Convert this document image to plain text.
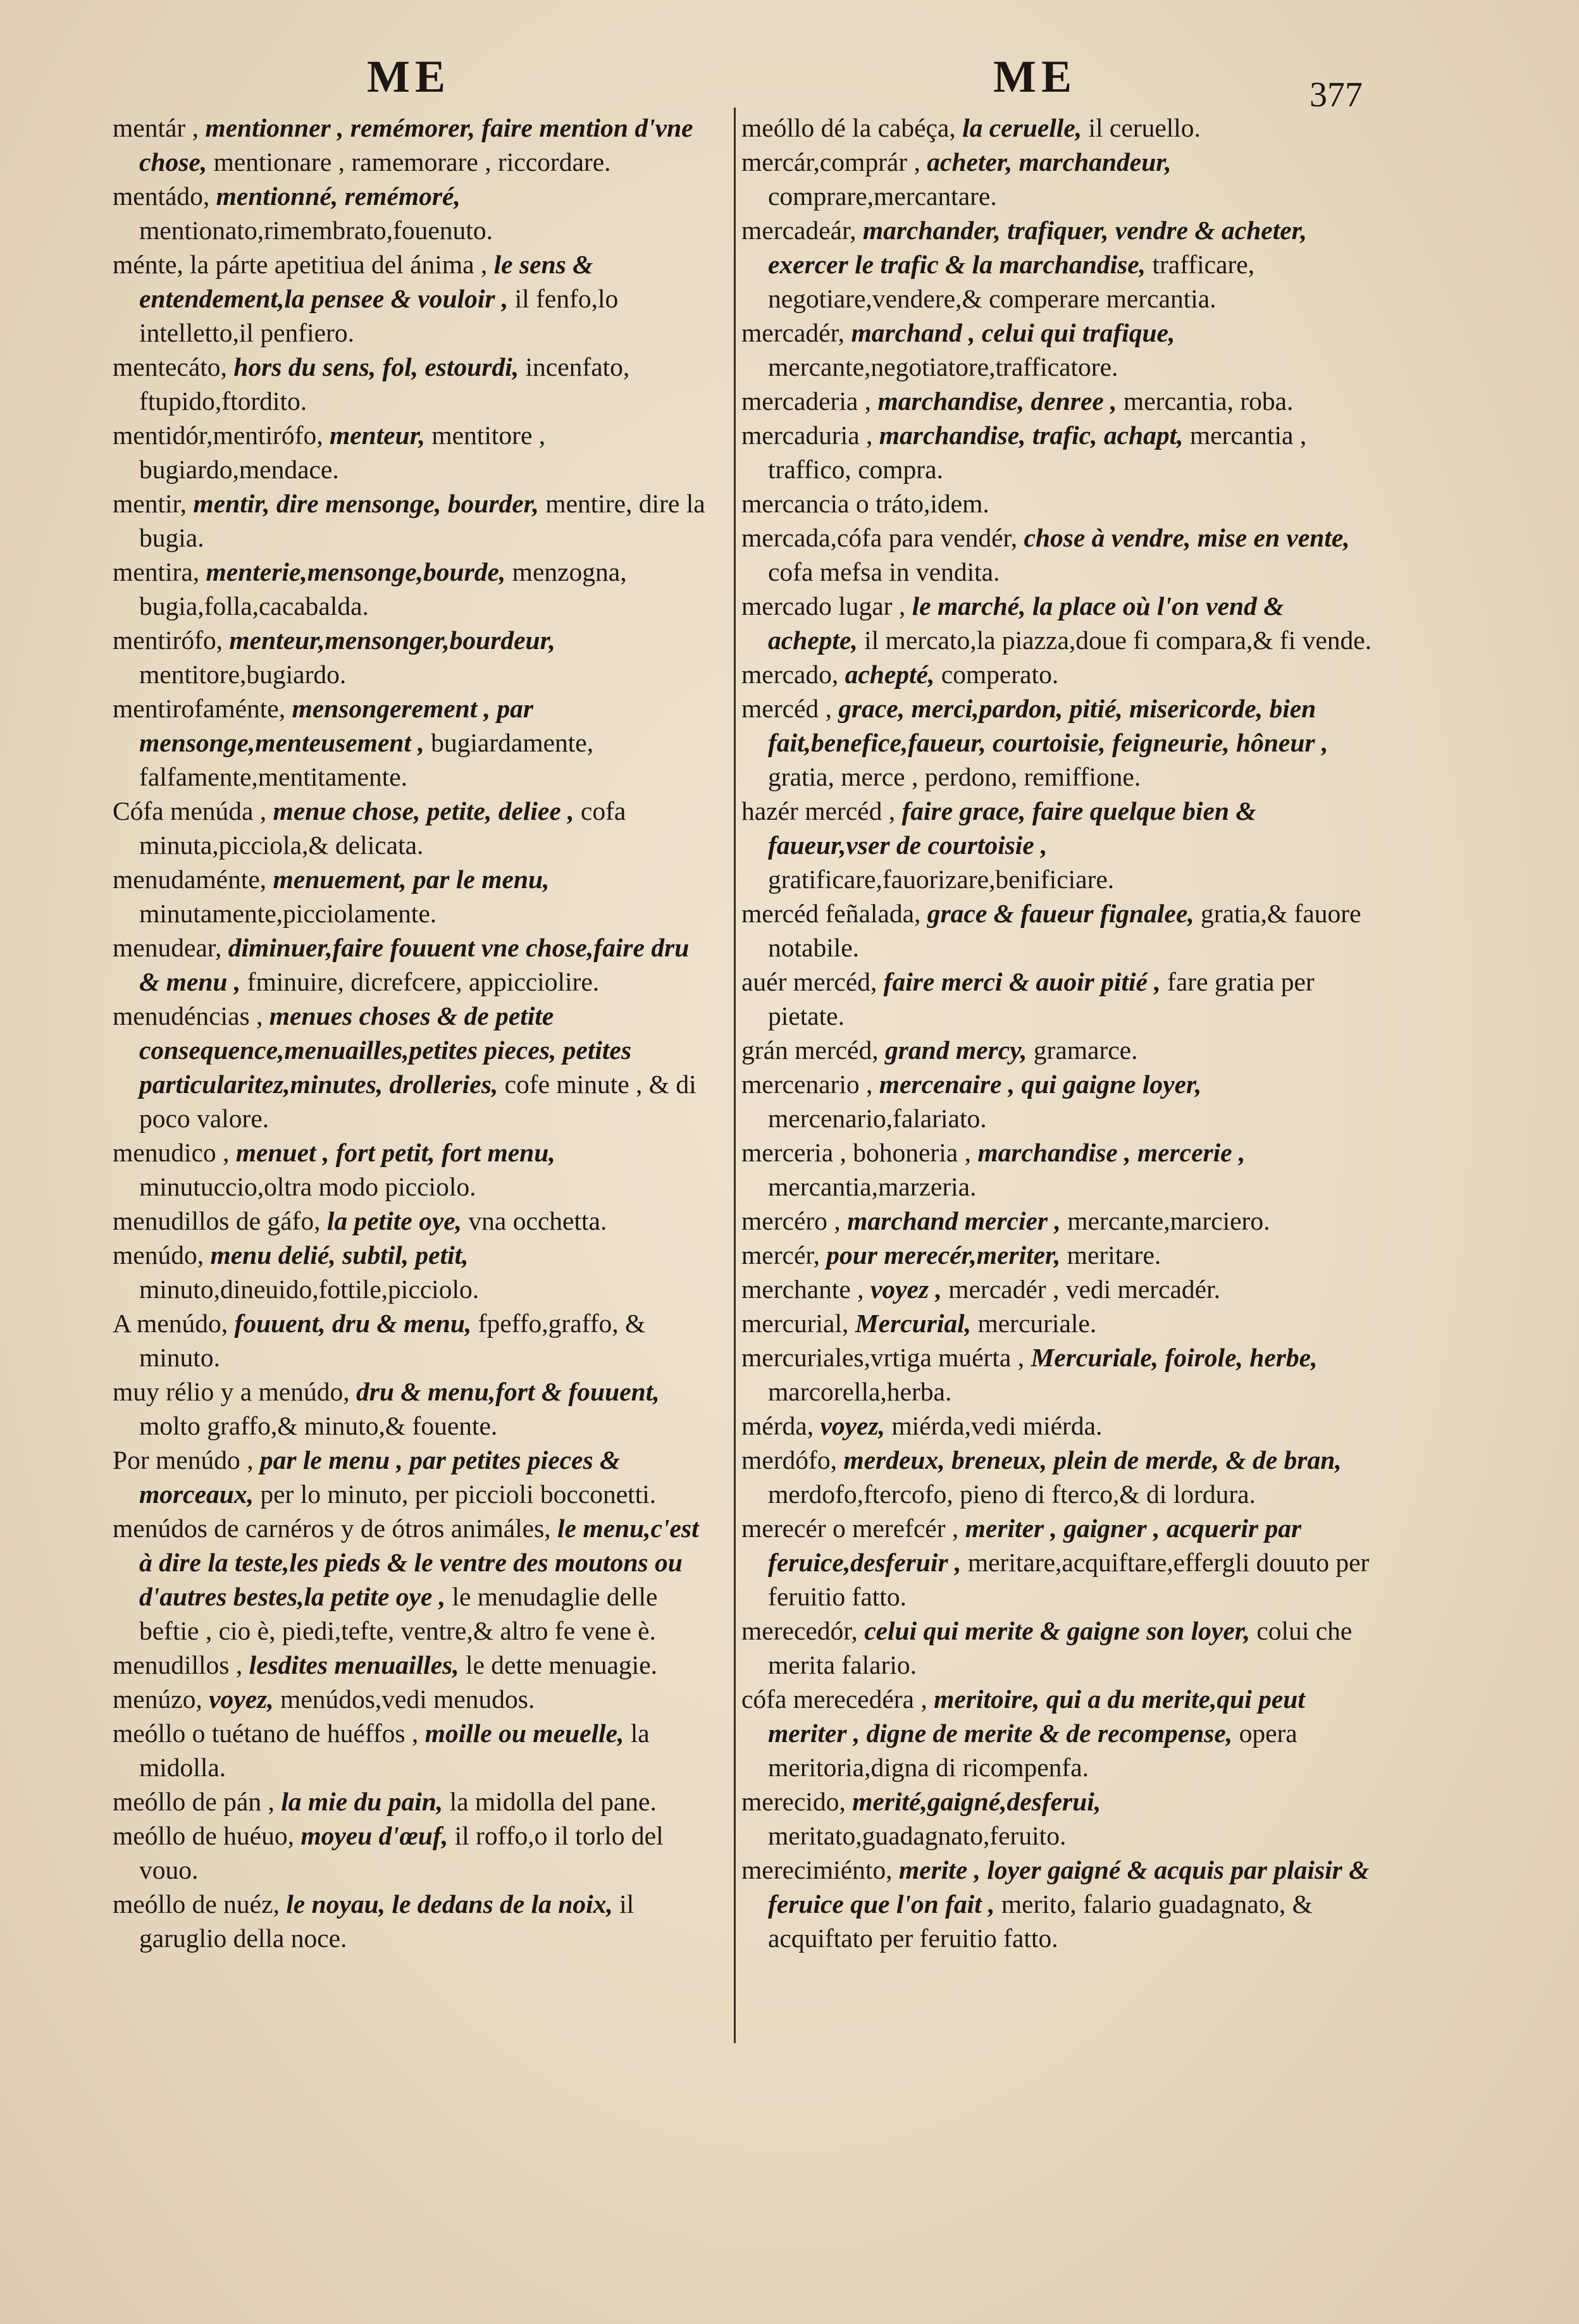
ME	ME	377

mentár , mentionner , remémorer, faire mention d'vne chose, mentionare , ramemorare , riccordare.

mentádo, mentionné, remémoré, mentionato,rimembrato,fouenuto.

ménte, la párte apetitiua del ánima , le sens & entendement,la pensee & vouloir , il fenfo,lo intelletto,il penfiero.

mentecáto, hors du sens, fol, estourdi, incenfato, ftupido,ftordito.

mentidór,mentirófo, menteur, mentitore , bugiardo,mendace.

mentir, mentir, dire mensonge, bourder, mentire, dire la bugia.

mentira, menterie,mensonge,bourde, menzogna, bugia,folla,cacabalda.

mentirófo, menteur,mensonger,bourdeur, mentitore,bugiardo.

mentirofaménte, mensongerement , par mensonge,menteusement , bugiardamente, falfamente,mentitamente.

Cófa menúda , menue chose, petite, deliee , cofa minuta,picciola,& delicata.

menudaménte, menuement, par le menu, minutamente,picciolamente.

menudear, diminuer,faire fouuent vne chose,faire dru & menu , fminuire, dicrefcere, appicciolire.

menudéncias , menues choses & de petite consequence,menuailles,petites pieces, petites particularitez,minutes, drolleries, cofe minute , & di poco valore.

menudico , menuet , fort petit, fort menu, minutuccio,oltra modo picciolo.

menudillos de gáfo, la petite oye, vna occhetta.

menúdo, menu delié, subtil, petit, minuto,dineuido,fottile,picciolo.

A menúdo, fouuent, dru & menu, fpeffo,graffo, & minuto.

muy rélio y a menúdo, dru & menu,fort & fouuent, molto graffo,& minuto,& fouente.

Por menúdo , par le menu , par petites pieces & morceaux, per lo minuto, per piccioli bocconetti.

menúdos de carnéros y de ótros animáles, le menu,c'est à dire la teste,les pieds & le ventre des moutons ou d'autres bestes,la petite oye , le menudaglie delle beftie , cio è, piedi,tefte, ventre,& altro fe vene è.

menudillos , lesdites menuailles, le dette menuagie.

menúzo, voyez, menúdos,vedi menudos.

meóllo o tuétano de huéffos , moille ou meuelle, la midolla.

meóllo de pán , la mie du pain, la midolla del pane.

meóllo de huéuo, moyeu d'œuf, il roffo,o il torlo del vouo.

meóllo de nuéz, le noyau, le dedans de la noix, il garuglio della noce.

meóllo dé la cabéça, la ceruelle, il ceruello.

mercár,comprár , acheter, marchandeur, comprare,mercantare.

mercadeár, marchander, trafiquer, vendre & acheter, exercer le trafic & la marchandise, trafficare, negotiare,vendere,& comperare mercantia.

mercadér, marchand , celui qui trafique, mercante,negotiatore,trafficatore.

mercaderia , marchandise, denree , mercantia, roba.

mercaduria , marchandise, trafic, achapt, mercantia , traffico, compra.

mercancia o tráto,idem.

mercada,cófa para vendér, chose à vendre, mise en vente, cofa mefsa in vendita.

mercado lugar , le marché, la place où l'on vend & achepte, il mercato,la piazza,doue fi compara,& fi vende.

mercado, achepté, comperato.

mercéd , grace, merci,pardon, pitié, misericorde, bien fait,benefice,faueur, courtoisie, feigneurie, hôneur , gratia, merce , perdono, remiffione.

hazér mercéd , faire grace, faire quelque bien & faueur,vser de courtoisie , gratificare,fauorizare,benificiare.

mercéd feñalada, grace & faueur fignalee, gratia,& fauore notabile.

auér mercéd, faire merci & auoir pitié , fare gratia per pietate.

grán mercéd, grand mercy, gramarce.

mercenario , mercenaire , qui gaigne loyer, mercenario,falariato.

merceria , bohoneria , marchandise , mercerie , mercantia,marzeria.

mercéro , marchand mercier , mercante,marciero.

mercér, pour merecér,meriter, meritare.

merchante , voyez , mercadér , vedi mercadér.

mercurial, Mercurial, mercuriale.

mercuriales,vrtiga muérta , Mercuriale, foirole, herbe, marcorella,herba.

mérda, voyez, miérda,vedi miérda.

merdófo, merdeux, breneux, plein de merde, & de bran, merdofo,ftercofo, pieno di fterco,& di lordura.

merecér o merefcér , meriter , gaigner , acquerir par feruice,desferuir , meritare,acquiftare,effergli douuto per feruitio fatto.

merecedór, celui qui merite & gaigne son loyer, colui che merita falario.

cófa merecedéra , meritoire, qui a du merite,qui peut meriter , digne de merite & de recompense, opera meritoria,digna di ricompenfa.

merecido, merité,gaigné,desferui, meritato,guadagnato,feruito.

merecimiénto, merite , loyer gaigné & acquis par plaisir & feruice que l'on fait , merito, falario guadagnato, & acquiftato per feruitio fatto.
